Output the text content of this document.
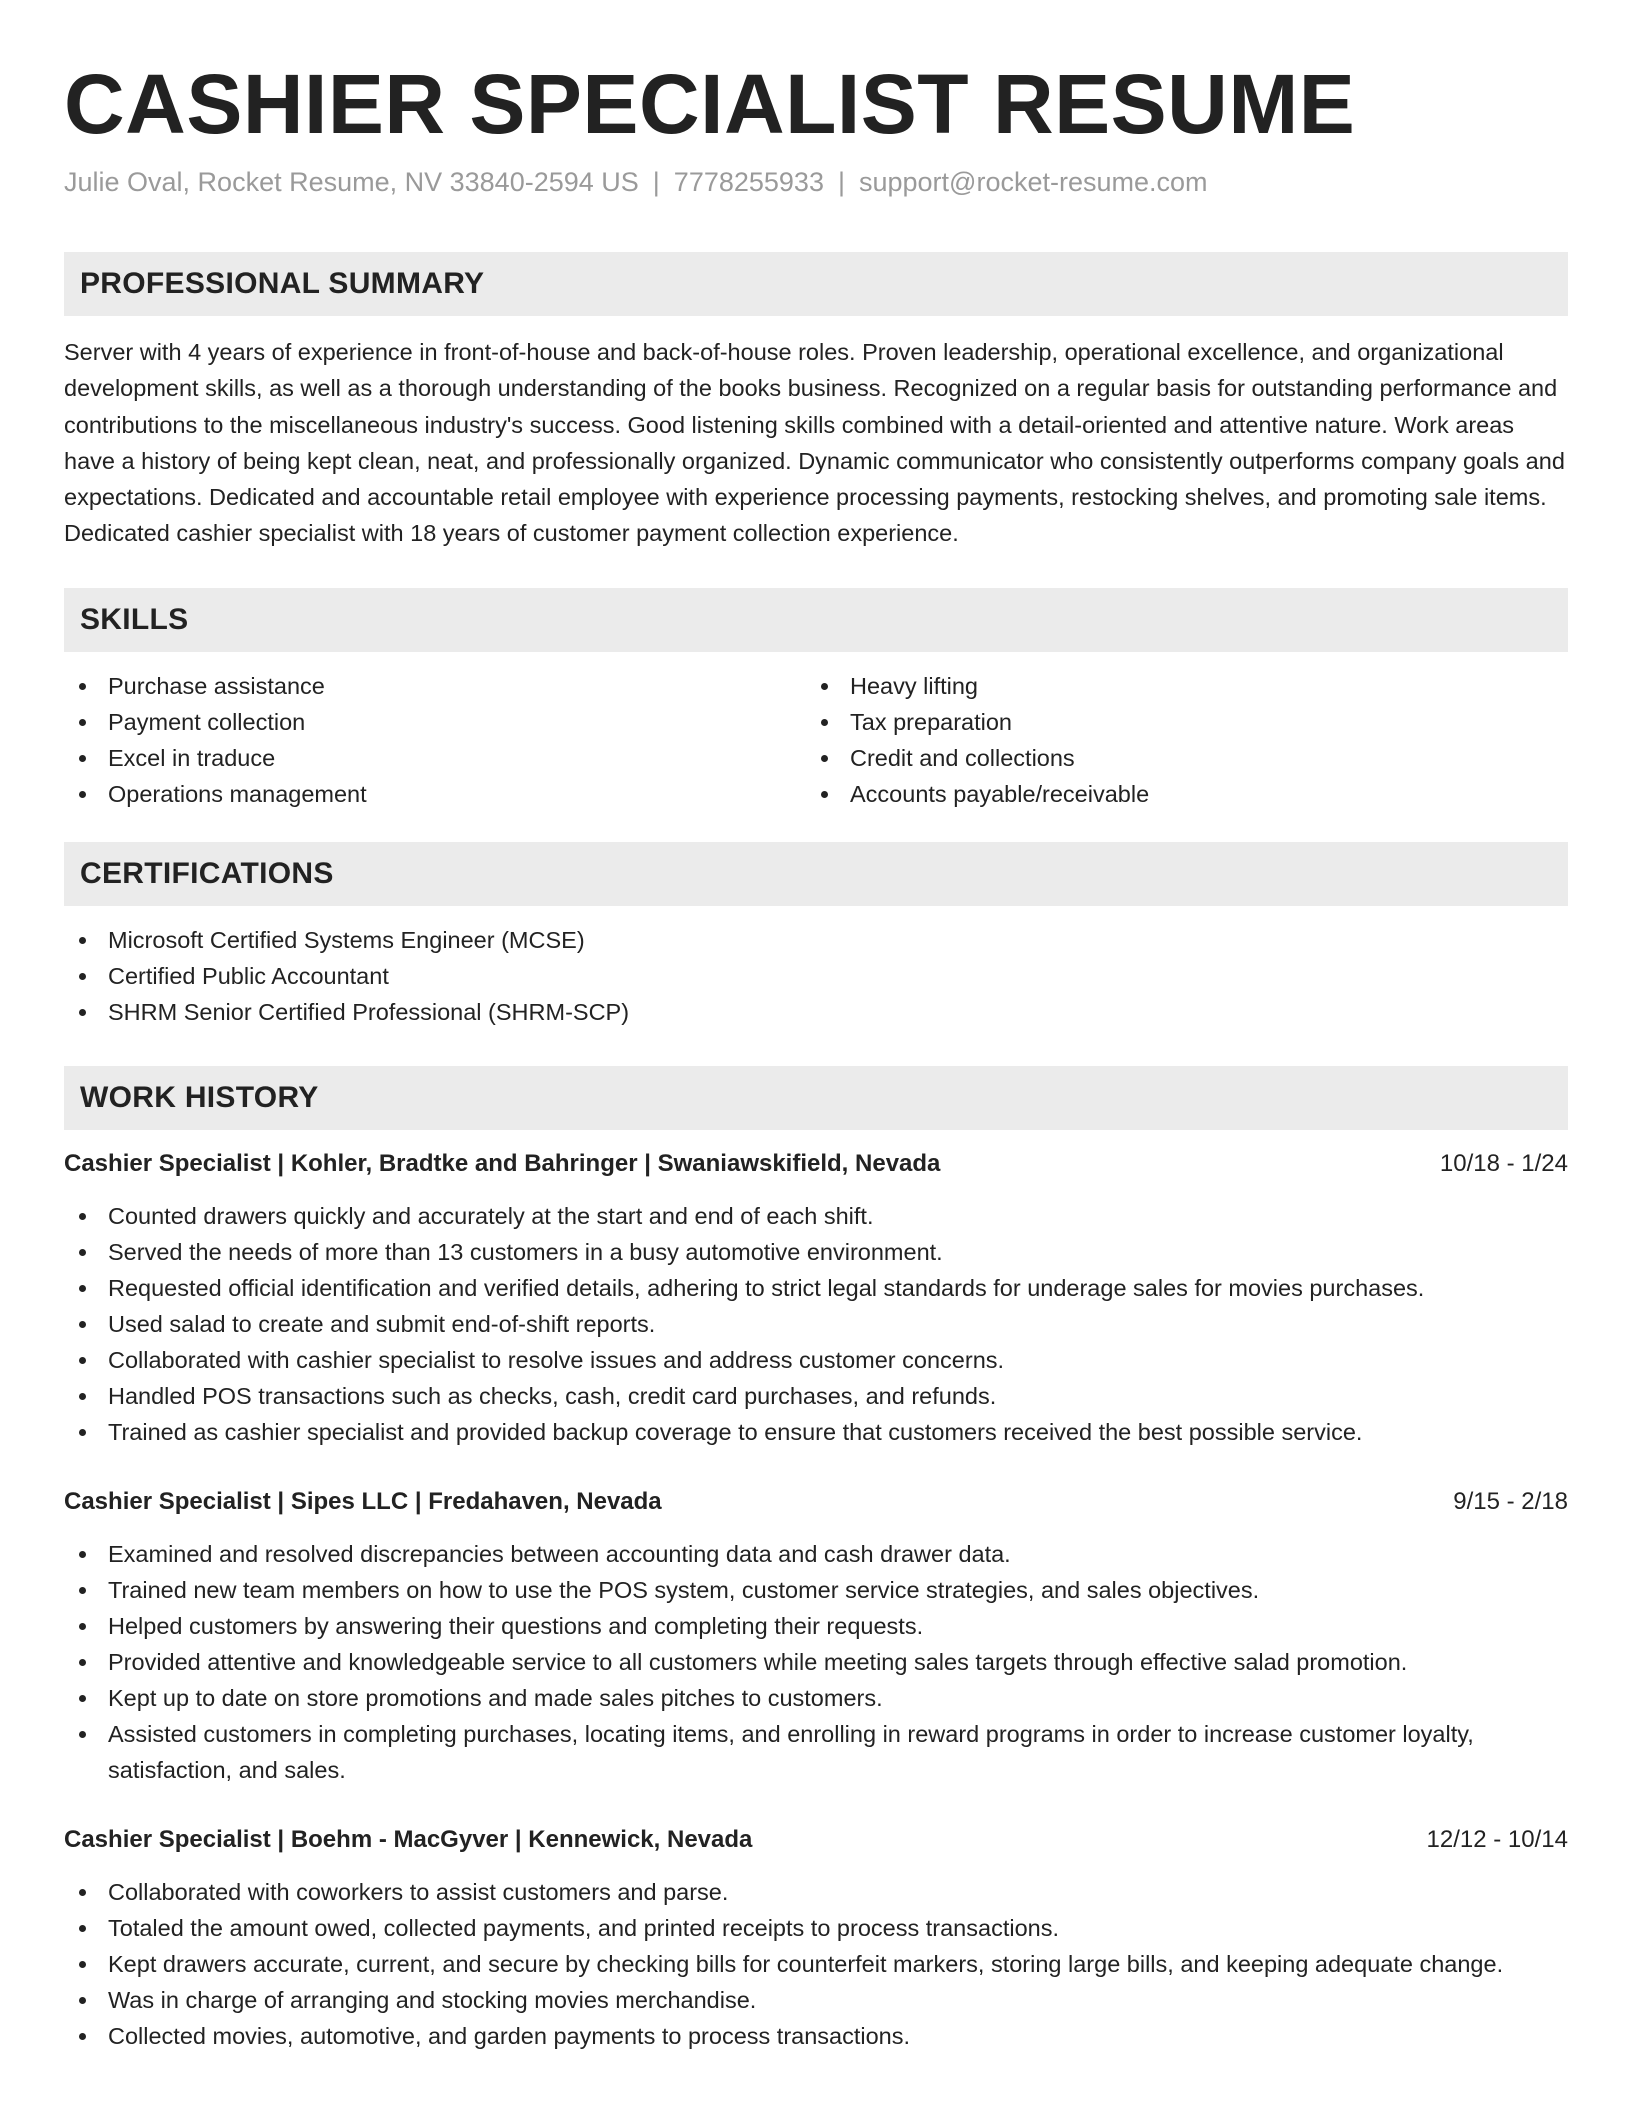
CASHIER SPECIALIST RESUME
Julie Oval, Rocket Resume, NV 33840-2594 US | 7778255933 | support@rocket-resume.com
PROFESSIONAL SUMMARY

Server with 4 years of experience in front-of-house and back-of-house roles. Proven leadership, operational excellence, and organizational development skills, as well as a thorough understanding of the books business. Recognized on a regular basis for outstanding performance and contributions to the miscellaneous industry's success. Good listening skills combined with a detail-oriented and attentive nature. Work areas have a history of being kept clean, neat, and professionally organized. Dynamic communicator who consistently outperforms company goals and expectations. Dedicated and accountable retail employee with experience processing payments, restocking shelves, and promoting sale items. Dedicated cashier specialist with 18 years of customer payment collection experience.

SKILLS
Purchase assistance
Payment collection
Excel in traduce
Operations management
Heavy lifting
Tax preparation
Credit and collections
Accounts payable/receivable
CERTIFICATIONS
Microsoft Certified Systems Engineer (MCSE)
Certified Public Accountant
SHRM Senior Certified Professional (SHRM-SCP)
WORK HISTORY
Cashier Specialist | Kohler, Bradtke and Bahringer | Swaniawskifield, Nevada	10/18 - 1/24
Counted drawers quickly and accurately at the start and end of each shift.
Served the needs of more than 13 customers in a busy automotive environment.
Requested official identification and verified details, adhering to strict legal standards for underage sales for movies purchases.
Used salad to create and submit end-of-shift reports.
Collaborated with cashier specialist to resolve issues and address customer concerns.
Handled POS transactions such as checks, cash, credit card purchases, and refunds.
Trained as cashier specialist and provided backup coverage to ensure that customers received the best possible service.
Cashier Specialist | Sipes LLC | Fredahaven, Nevada	9/15 - 2/18
Examined and resolved discrepancies between accounting data and cash drawer data.
Trained new team members on how to use the POS system, customer service strategies, and sales objectives.
Helped customers by answering their questions and completing their requests.
Provided attentive and knowledgeable service to all customers while meeting sales targets through effective salad promotion.
Kept up to date on store promotions and made sales pitches to customers.
Assisted customers in completing purchases, locating items, and enrolling in reward programs in order to increase customer loyalty, satisfaction, and sales.
Cashier Specialist | Boehm - MacGyver | Kennewick, Nevada	12/12 - 10/14
Collaborated with coworkers to assist customers and parse.
Totaled the amount owed, collected payments, and printed receipts to process transactions.
Kept drawers accurate, current, and secure by checking bills for counterfeit markers, storing large bills, and keeping adequate change.
Was in charge of arranging and stocking movies merchandise.
Collected movies, automotive, and garden payments to process transactions.
